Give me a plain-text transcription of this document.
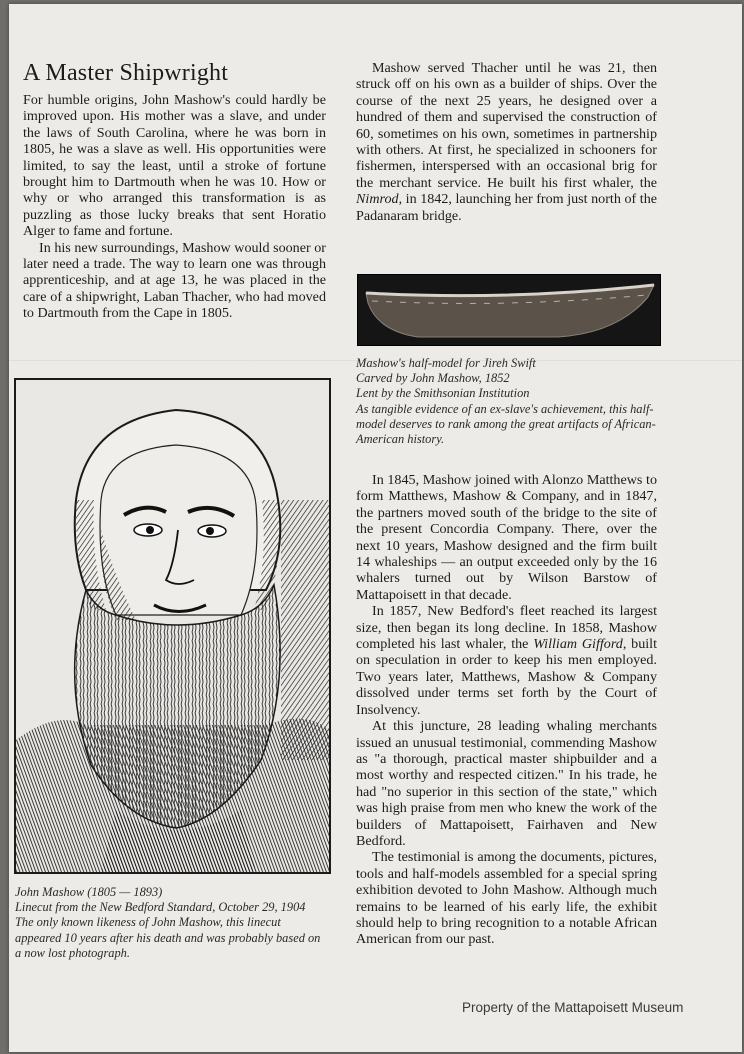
A Master Shipwright

For humble origins, John Mashow's could hardly be improved upon. His mother was a slave, and under the laws of South Carolina, where he was born in 1805, he was a slave as well. His opportunities were limited, to say the least, until a stroke of fortune brought him to Dartmouth when he was 10. How or why or who arranged this transformation is as puzzling as those lucky breaks that sent Horatio Alger to fame and fortune.

In his new surroundings, Mashow would sooner or later need a trade. The way to learn one was through apprenticeship, and at age 13, he was placed in the care of a shipwright, Laban Thacher, who had moved to Dartmouth from the Cape in 1805.

John Mashow (1805 — 1893)

Linecut from the New Bedford Standard, October 29, 1904

The only known likeness of John Mashow, this linecut appeared 10 years after his death and was probably based on a now lost photograph.

Mashow served Thacher until he was 21, then struck off on his own as a builder of ships. Over the course of the next 25 years, he designed over a hundred of them and supervised the construction of 60, sometimes on his own, sometimes in partnership with others. At first, he specialized in schooners for fishermen, interspersed with an occasional brig for the merchant service. He built his first whaler, the Nimrod, in 1842, launching her from just north of the Padanaram bridge.

Mashow's half-model for Jireh Swift

Carved by John Mashow, 1852

Lent by the Smithsonian Institution

As tangible evidence of an ex-slave's achievement, this half-model deserves to rank among the great artifacts of African-American history.

In 1845, Mashow joined with Alonzo Matthews to form Matthews, Mashow & Company, and in 1847, the partners moved south of the bridge to the site of the present Concordia Company. There, over the next 10 years, Mashow designed and the firm built 14 whaleships — an output exceeded only by the 16 whalers turned out by Wilson Barstow of Mattapoisett in that decade.

In 1857, New Bedford's fleet reached its largest size, then began its long decline. In 1858, Mashow completed his last whaler, the William Gifford, built on speculation in order to keep his men employed. Two years later, Matthews, Mashow & Company dissolved under terms set forth by the Court of Insolvency.

At this juncture, 28 leading whaling merchants issued an unusual testimonial, commending Mashow as "a thorough, practical master shipbuilder and a most worthy and respected citizen." In his trade, he had "no superior in this section of the state," which was high praise from men who knew the work of the builders of Mattapoisett, Fairhaven and New Bedford.

The testimonial is among the documents, pictures, tools and half-models assembled for a special spring exhibition devoted to John Mashow. Although much remains to be learned of his early life, the exhibit should help to bring recognition to a notable African American from our past.

Property of the Mattapoisett Museum
